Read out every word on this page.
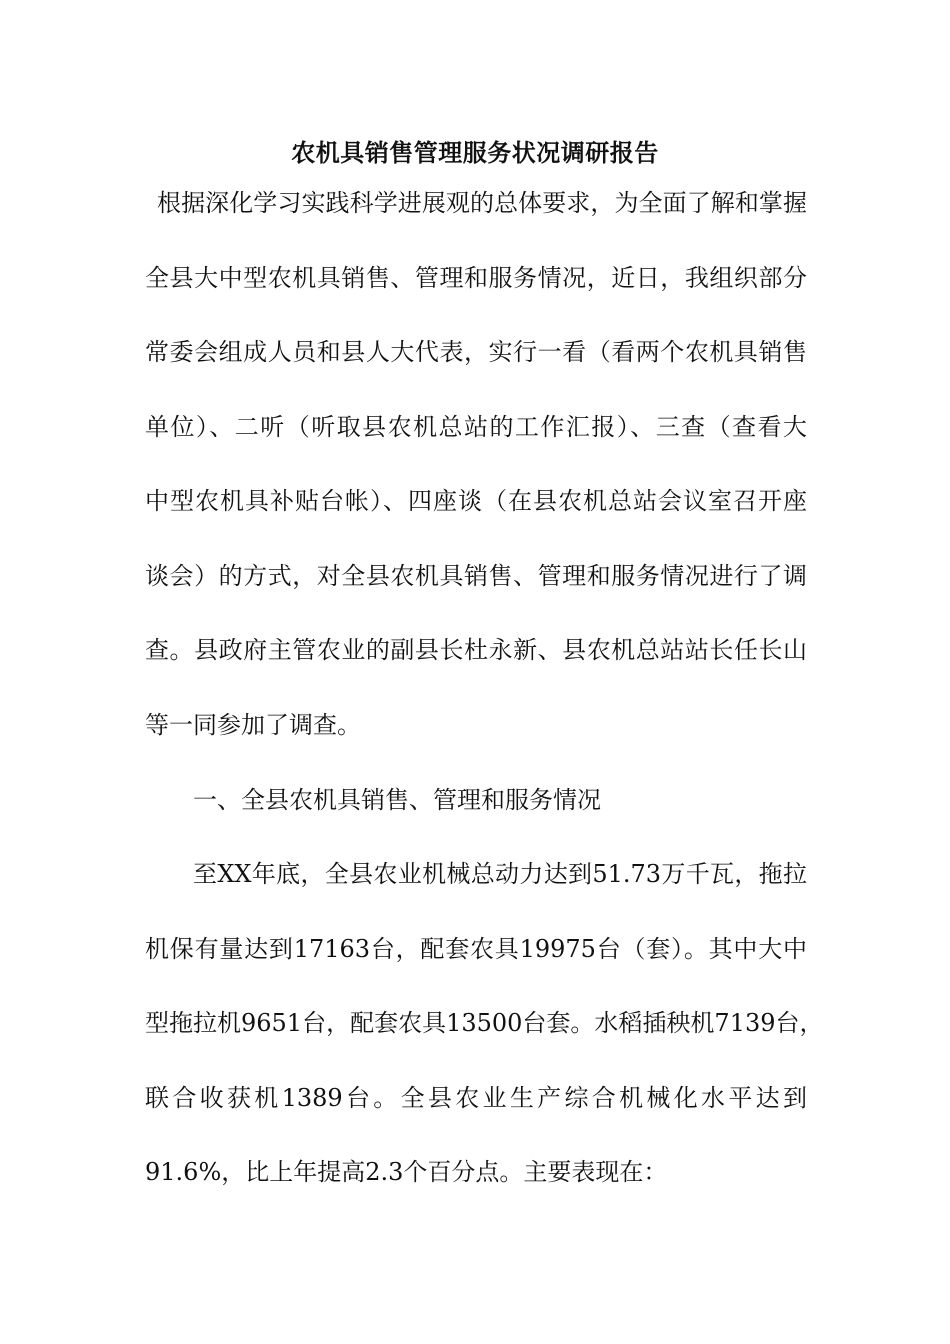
农机具销售管理服务状况调研报告

根据深化学习实践科学进展观的总体要求，为全面了解和掌握

全县大中型农机具销售、管理和服务情况，近日，我组织部分

常委会组成人员和县人大代表，实行一看（看两个农机具销售

单位）、二听（听取县农机总站的工作汇报）、三查（查看大

中型农机具补贴台帐）、四座谈（在县农机总站会议室召开座

谈会）的方式，对全县农机具销售、管理和服务情况进行了调

查。县政府主管农业的副县长杜永新、县农机总站站长任长山

等一同参加了调查。

一、全县农机具销售、管理和服务情况

至XX年底，全县农业机械总动力达到51.73万千瓦，拖拉

机保有量达到17163台，配套农具19975台（套）。其中大中

型拖拉机9651台，配套农具13500台套。水稻插秧机7139台，

联合收获机1389台。全县农业生产综合机械化水平达到

91.6%，比上年提高2.3个百分点。主要表现在：
